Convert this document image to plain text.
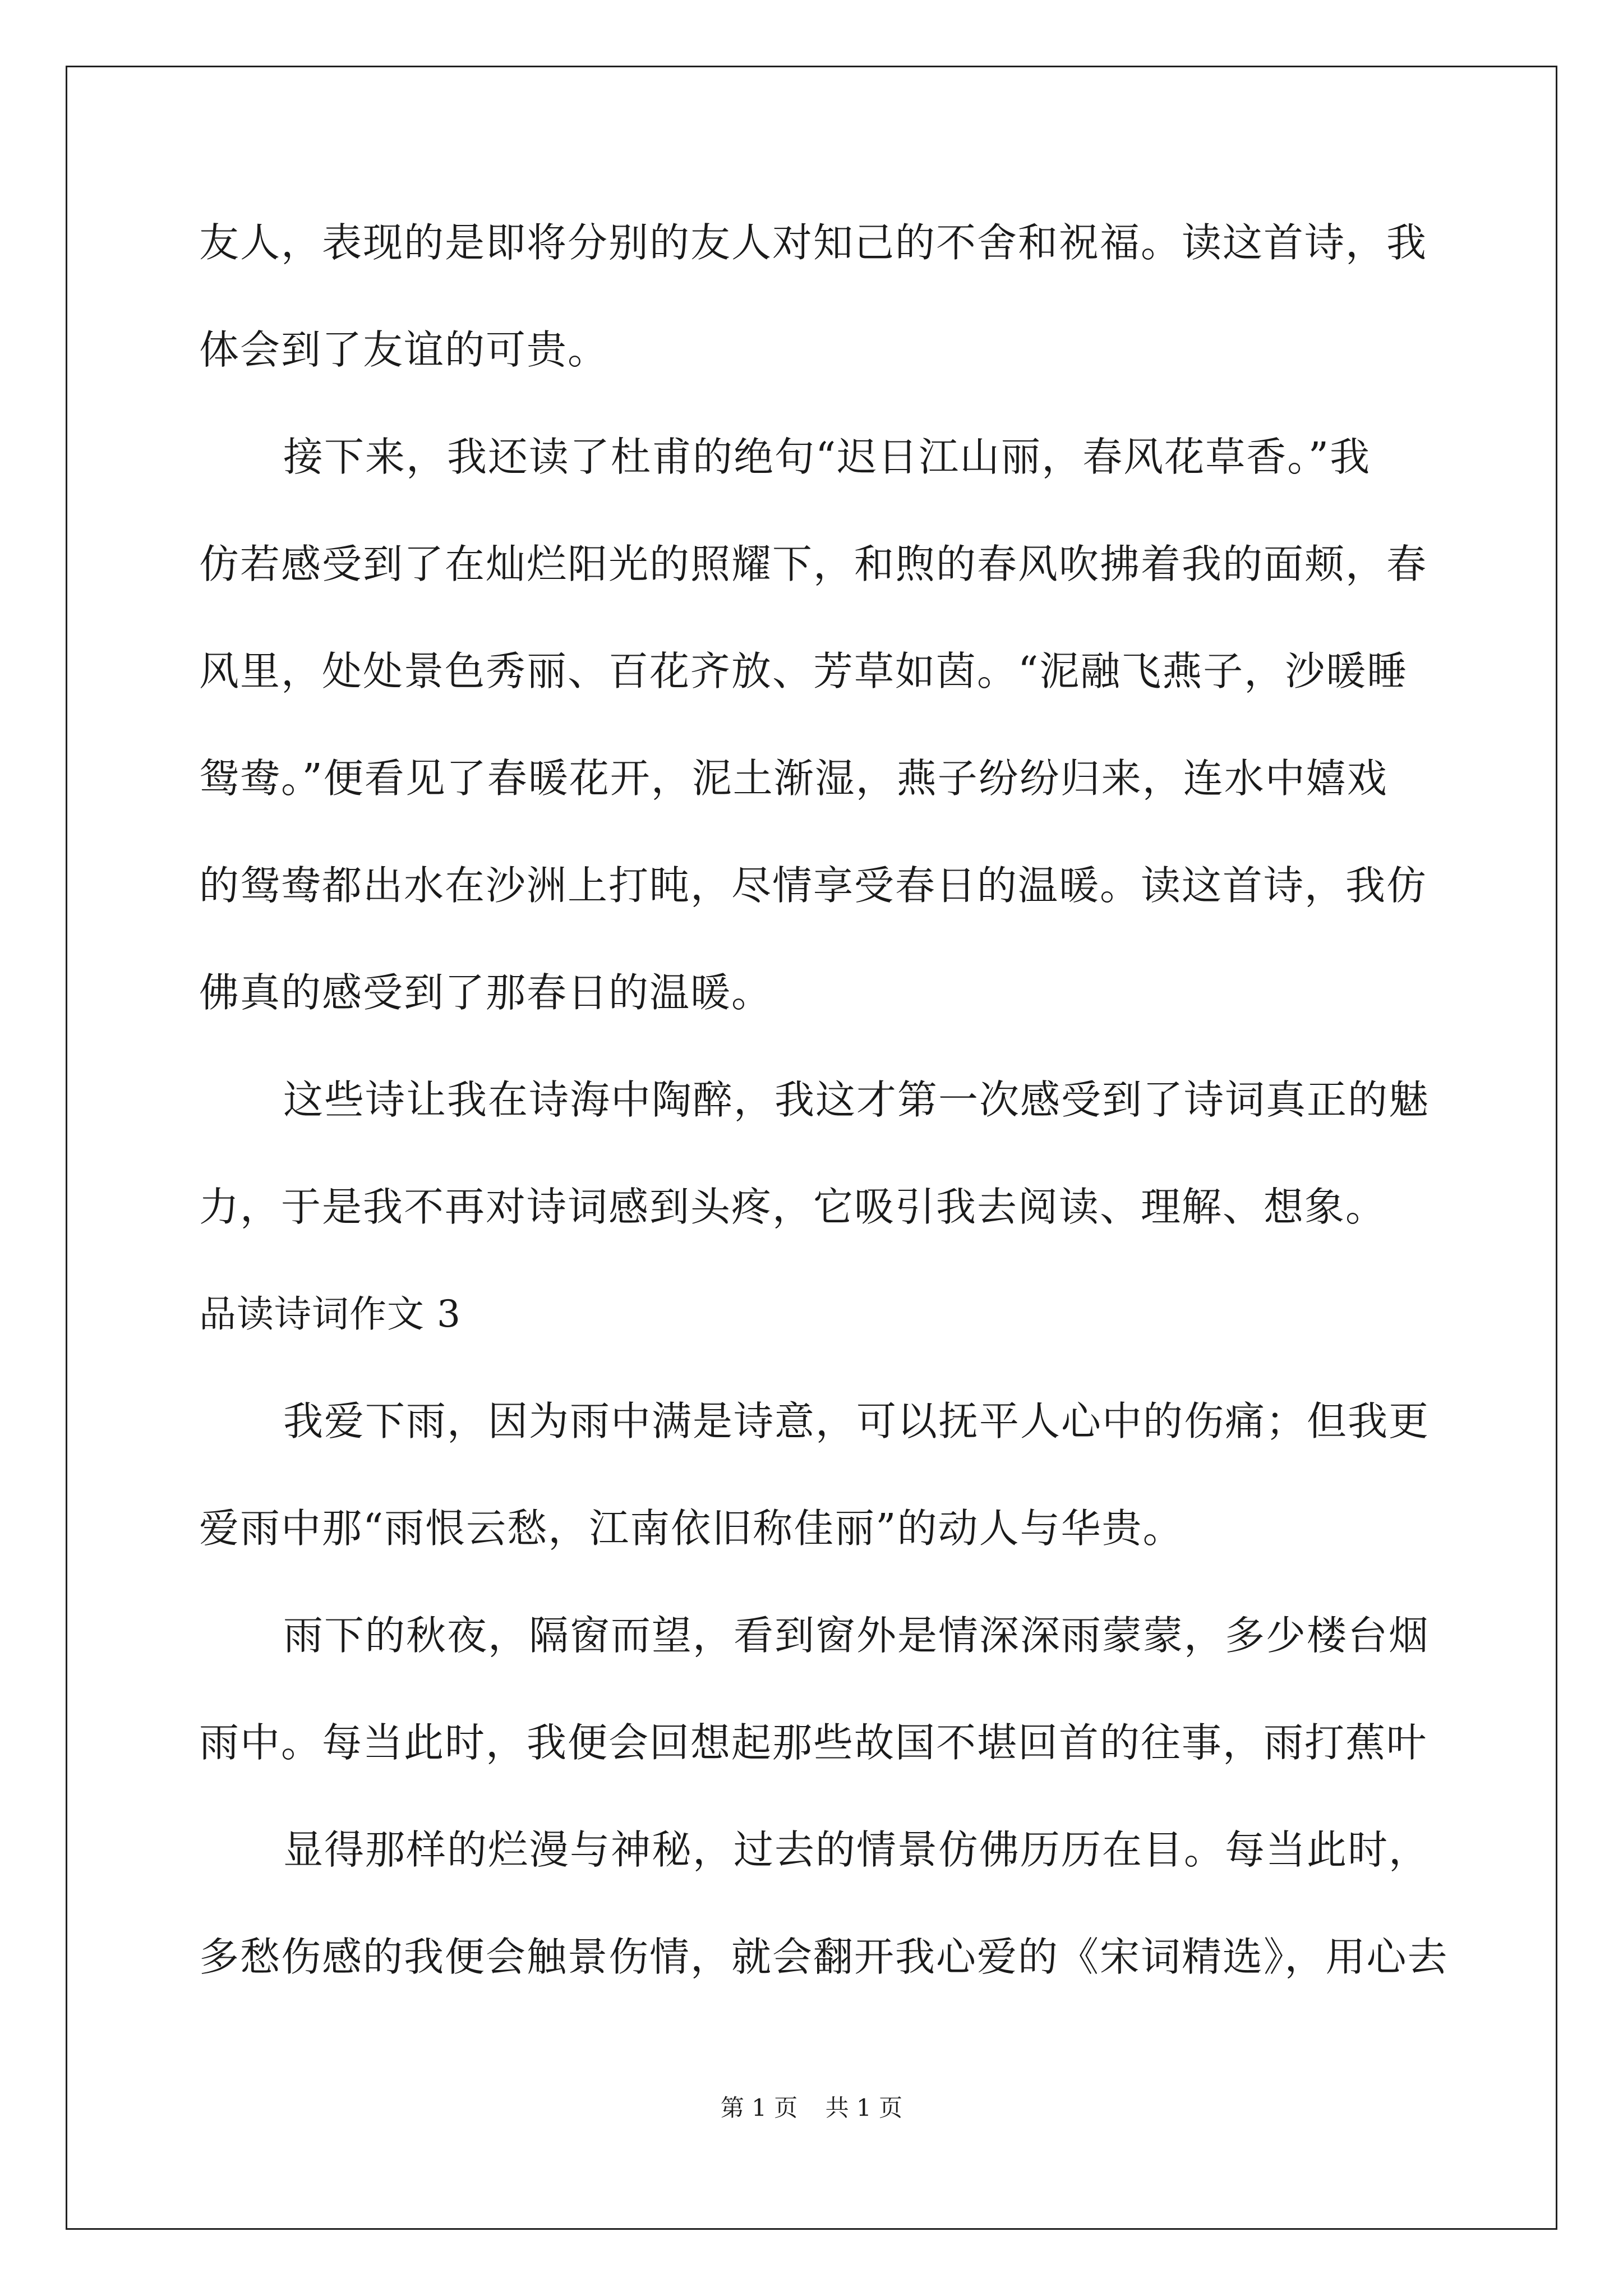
友人，表现的是即将分别的友人对知己的不舍和祝福。读这首诗，我
体会到了友谊的可贵。
接下来，我还读了杜甫的绝句“迟日江山丽，春风花草香。”我
仿若感受到了在灿烂阳光的照耀下，和煦的春风吹拂着我的面颊，春
风里，处处景色秀丽、百花齐放、芳草如茵。“泥融飞燕子，沙暖睡
鸳鸯。”便看见了春暖花开，泥土渐湿，燕子纷纷归来，连水中嬉戏
的鸳鸯都出水在沙洲上打盹，尽情享受春日的温暖。读这首诗，我仿
佛真的感受到了那春日的温暖。
这些诗让我在诗海中陶醉，我这才第一次感受到了诗词真正的魅
力，于是我不再对诗词感到头疼，它吸引我去阅读、理解、想象。
品读诗词作文 3
我爱下雨，因为雨中满是诗意，可以抚平人心中的伤痛；但我更
爱雨中那“雨恨云愁，江南依旧称佳丽”的动人与华贵。
雨下的秋夜，隔窗而望，看到窗外是情深深雨蒙蒙，多少楼台烟
雨中。每当此时，我便会回想起那些故国不堪回首的往事，雨打蕉叶
显得那样的烂漫与神秘，过去的情景仿佛历历在目。每当此时，
多愁伤感的我便会触景伤情，就会翻开我心爱的《宋词精选》，用心去
第 1 页 共 1 页
